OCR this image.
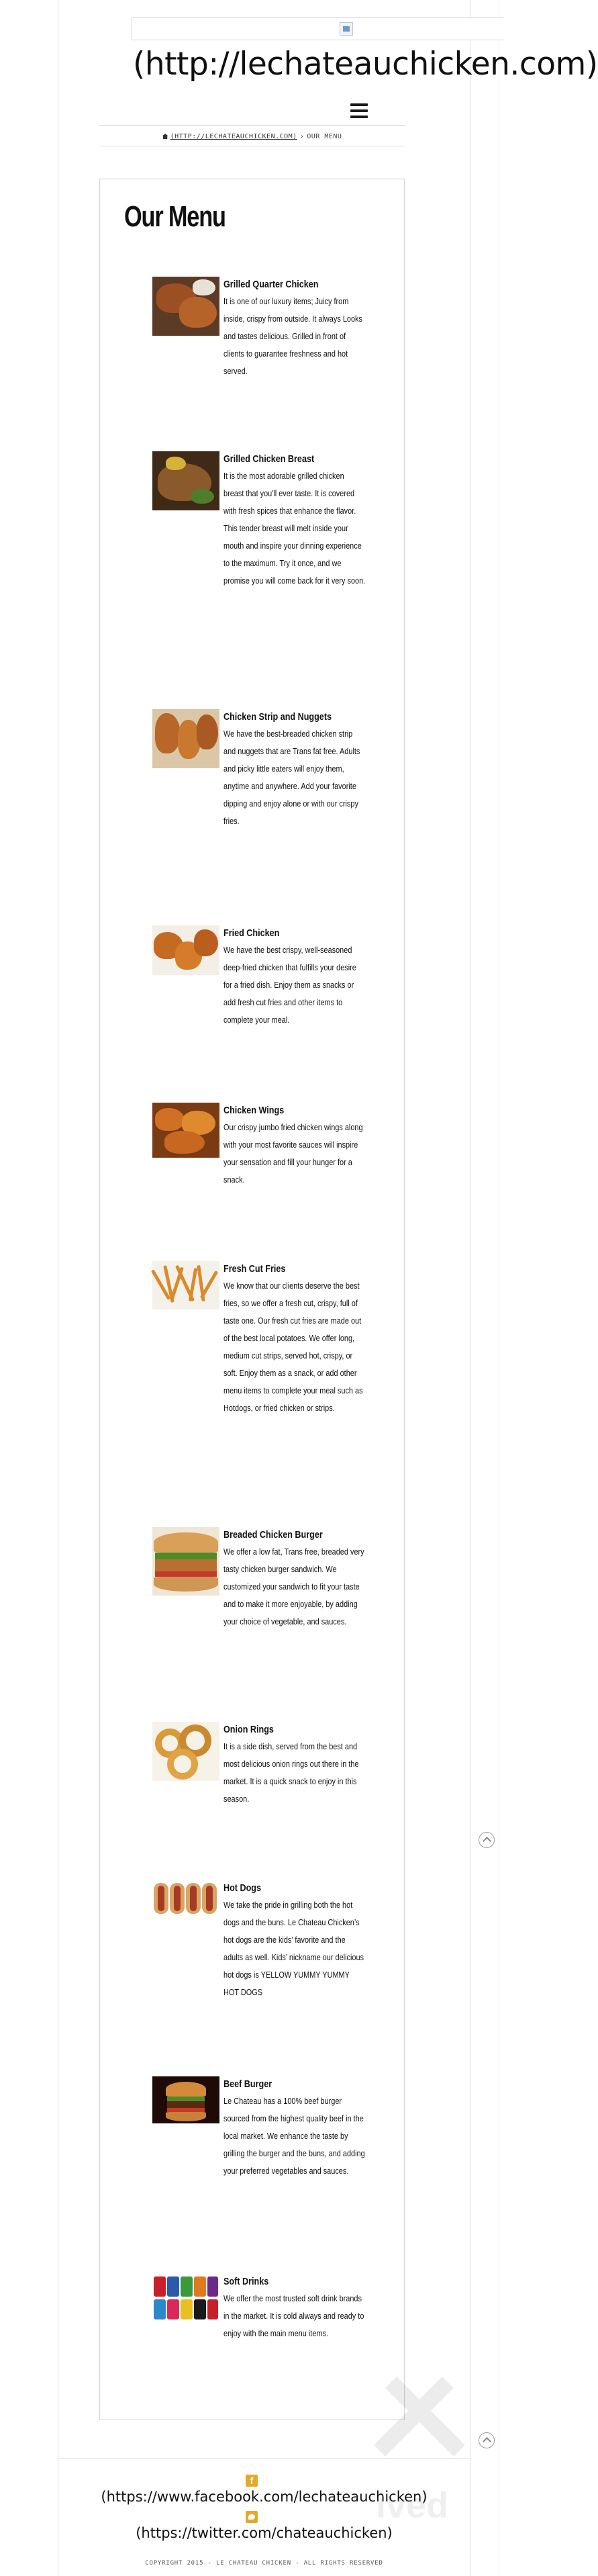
(http://lechateauchicken.com)
(HTTP://LECHATEAUCHICKEN.COM) › OUR MENU
Our Menu
Grilled Quarter Chicken
It is one of our luxury items; Juicy from inside, crispy from outside. It always Looks and tastes delicious. Grilled in front of clients to guarantee freshness and hot served.
Grilled Chicken Breast
It is the most adorable grilled chicken breast that you'll ever taste. It is covered with fresh spices that enhance the flavor. This tender breast will melt inside your mouth and inspire your dinning experience to the maximum. Try it once, and we promise you will come back for it very soon.
Chicken Strip and Nuggets
We have the best-breaded chicken strip and nuggets that are Trans fat free. Adults and picky little eaters will enjoy them, anytime and anywhere. Add your favorite dipping and enjoy alone or with our crispy fries.
Fried Chicken
We have the best crispy, well-seasoned deep-fried chicken that fulfills your desire for a fried dish. Enjoy them as snacks or add fresh cut fries and other items to complete your meal.
Chicken Wings
Our crispy jumbo fried chicken wings along with your most favorite sauces will inspire your sensation and fill your hunger for a snack.
Fresh Cut Fries
We know that our clients deserve the best fries, so we offer a fresh cut, crispy, full of taste one. Our fresh cut fries are made out of the best local potatoes. We offer long, medium cut strips, served hot, crispy, or soft. Enjoy them as a snack, or add other menu items to complete your meal such as Hotdogs, or fried chicken or strips.
Breaded Chicken Burger
We offer a low fat, Trans free, breaded very tasty chicken burger sandwich. We customized your sandwich to fit your taste and to make it more enjoyable, by adding your choice of vegetable, and sauces.
Onion Rings
It is a side dish, served from the best and most delicious onion rings out there in the market. It is a quick snack to enjoy in this season.
Hot Dogs
We take the pride in grilling both the hot dogs and the buns. Le Chateau Chicken’s hot dogs are the kids’ favorite and the adults as well. Kids’ nickname our delicious hot dogs is YELLOW YUMMY YUMMY HOT DOGS
Beef Burger
Le Chateau has a 100% beef burger sourced from the highest quality beef in the local market. We enhance the taste by grilling the burger and the buns, and adding your preferred vegetables and sauces.
Soft Drinks
We offer the most trusted soft drink brands in the market. It is cold always and ready to enjoy with the main menu items.
ived
f
(https://www.facebook.com/lechateauchicken)
(https://twitter.com/chateauchicken)
COPYRIGHT 2015 - LE CHATEAU CHICKEN - ALL RIGHTS RESERVED
